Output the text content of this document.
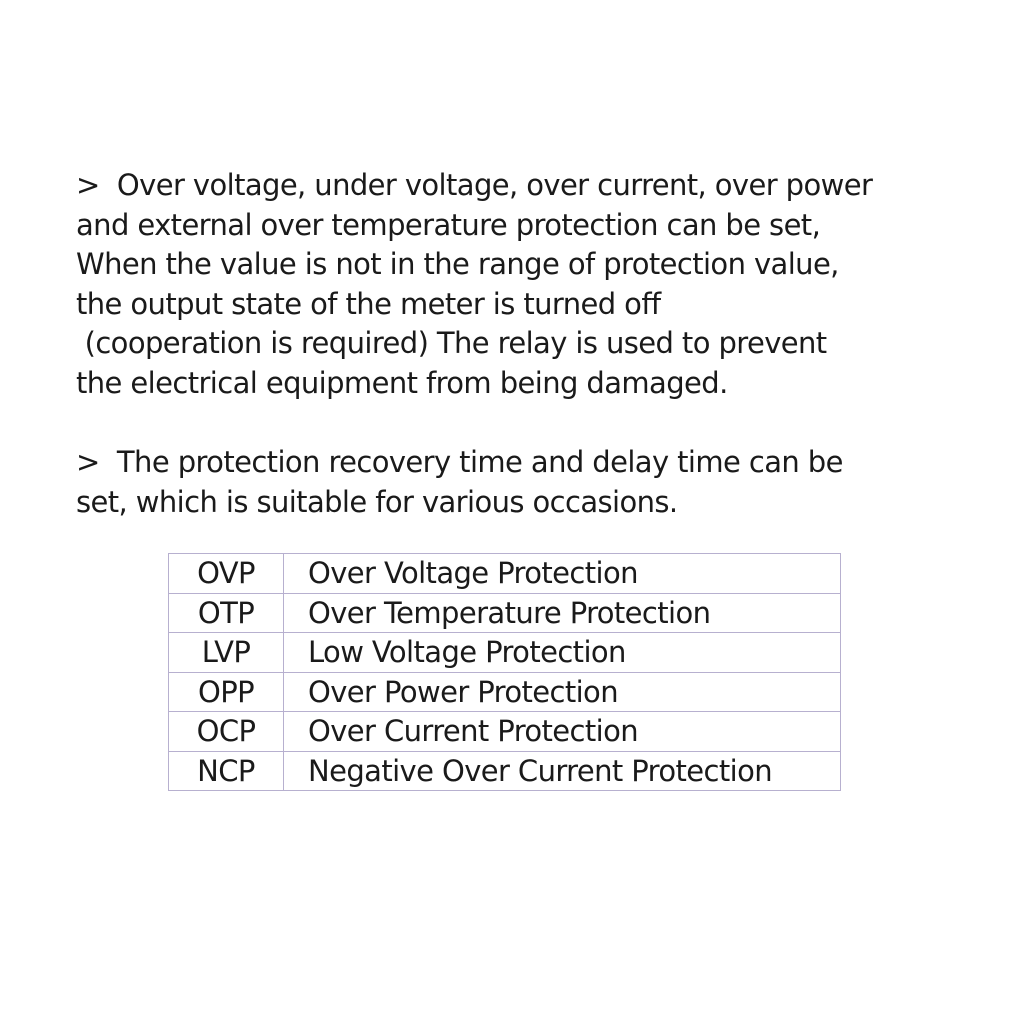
>  Over voltage, under voltage, over current, over power
and external over temperature protection can be set,
When the value is not in the range of protection value,
the output state of the meter is turned off
(cooperation is required) The relay is used to prevent
the electrical equipment from being damaged.

>  The protection recovery time and delay time can be
set, which is suitable for various occasions.

OVP	Over Voltage Protection
OTP	Over Temperature Protection
LVP	Low Voltage Protection
OPP	Over Power Protection
OCP	Over Current Protection
NCP	Negative Over Current Protection
